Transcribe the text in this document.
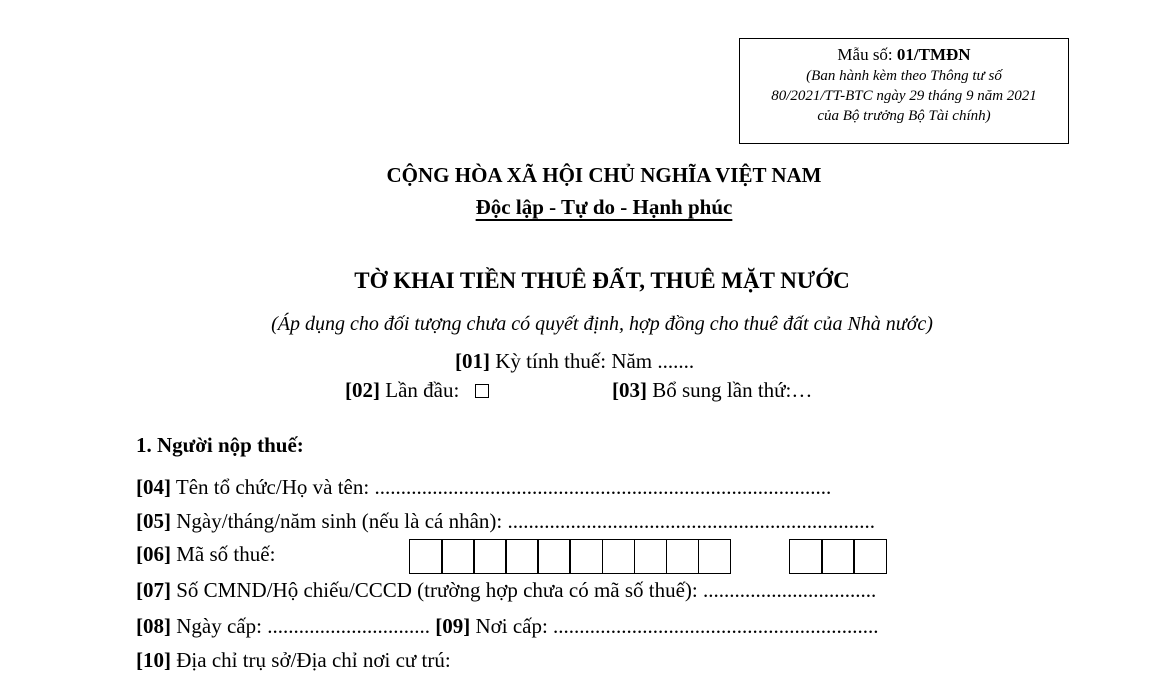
Mẫu số: 01/TMĐN
(Ban hành kèm theo Thông tư số
80/2021/TT-BTC ngày 29 tháng 9 năm 2021
của Bộ trưởng Bộ Tài chính)
CỘNG HÒA XÃ HỘI CHỦ NGHĨA VIỆT NAM
Độc lập - Tự do - Hạnh phúc
TỜ KHAI TIỀN THUÊ ĐẤT, THUÊ MẶT NƯỚC
(Áp dụng cho đối tượng chưa có quyết định, hợp đồng cho thuê đất của Nhà nước)
[01] Kỳ tính thuế: Năm .......
[02] Lần đầu:	[03] Bổ sung lần thứ:…
1. Người nộp thuế:
[04] Tên tổ chức/Họ và tên: .......................................................................................
[05] Ngày/tháng/năm sinh (nếu là cá nhân): ......................................................................
[06] Mã số thuế:
[07] Số CMND/Hộ chiếu/CCCD (trường hợp chưa có mã số thuế): .................................
[08] Ngày cấp: ............................... [09] Nơi cấp: ..............................................................
[10] Địa chỉ trụ sở/Địa chỉ nơi cư trú:
